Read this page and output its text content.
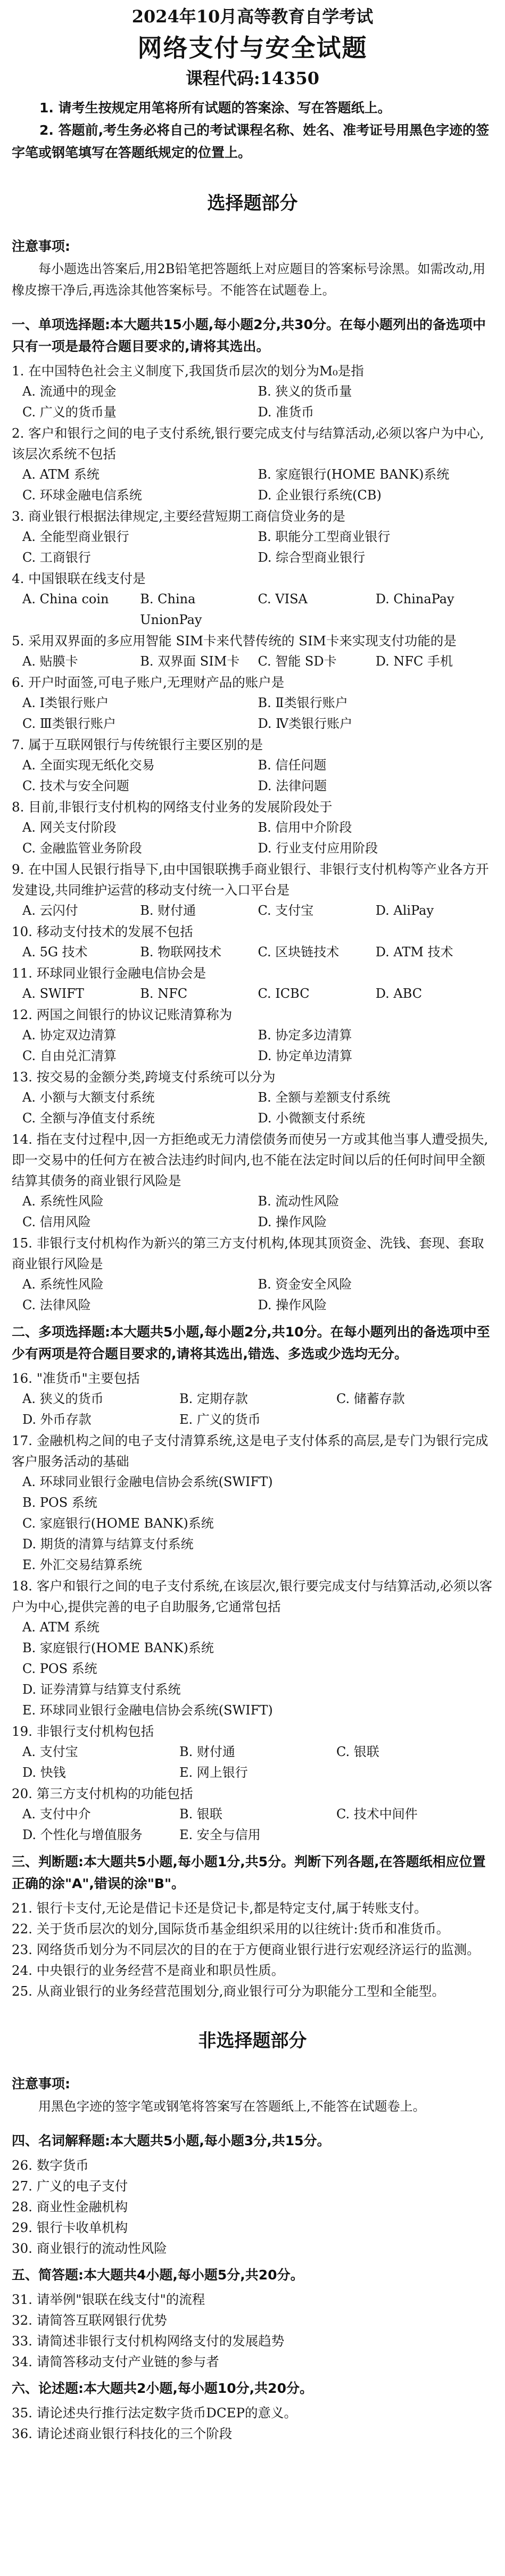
2024年10月高等教育自学考试
网络支付与安全试题
课程代码:14350

1. 请考生按规定用笔将所有试题的答案涂、写在答题纸上。

2. 答题前,考生务必将自己的考试课程名称、姓名、准考证号用黑色字迹的签字笔或钢笔填写在答题纸规定的位置上。

选择题部分
注意事项:
每小题选出答案后,用2B铅笔把答题纸上对应题目的答案标号涂黑。如需改动,用橡皮擦干净后,再选涂其他答案标号。不能答在试题卷上。
一、单项选择题:本大题共15小题,每小题2分,共30分。在每小题列出的备选项中只有一项是最符合题目要求的,请将其选出。
1. 在中国特色社会主义制度下,我国货币层次的划分为M₀是指
A. 流通中的现金	B. 狭义的货币量
C. 广义的货币量	D. 准货币
2. 客户和银行之间的电子支付系统,银行要完成支付与结算活动,必须以客户为中心,该层次系统不包括
A. ATM 系统	B. 家庭银行(HOME BANK)系统
C. 环球金融电信系统	D. 企业银行系统(CB)
3. 商业银行根据法律规定,主要经营短期工商信贷业务的是
A. 全能型商业银行	B. 职能分工型商业银行
C. 工商银行	D. 综合型商业银行
4. 中国银联在线支付是
A. China coin	B. China UnionPay
C. VISA	D. ChinaPay
5. 采用双界面的多应用智能 SIM卡来代替传统的 SIM卡来实现支付功能的是
A. 贴膜卡	B. 双界面 SIM卡	C. 智能 SD卡	D. NFC 手机
6. 开户时面签,可电子账户,无理财产品的账户是
A. Ⅰ类银行账户	B. Ⅱ类银行账户
C. Ⅲ类银行账户	D. Ⅳ类银行账户
7. 属于互联网银行与传统银行主要区别的是
A. 全面实现无纸化交易	B. 信任问题
C. 技术与安全问题	D. 法律问题
8. 目前,非银行支付机构的网络支付业务的发展阶段处于
A. 网关支付阶段	B. 信用中介阶段
C. 金融监管业务阶段	D. 行业支付应用阶段
9. 在中国人民银行指导下,由中国银联携手商业银行、非银行支付机构等产业各方开发建设,共同维护运营的移动支付统一入口平台是
A. 云闪付	B. 财付通	C. 支付宝	D. AliPay
10. 移动支付技术的发展不包括
A. 5G 技术	B. 物联网技术	C. 区块链技术	D. ATM 技术
11. 环球同业银行金融电信协会是
A. SWIFT	B. NFC	C. ICBC	D. ABC
12. 两国之间银行的协议记账清算称为
A. 协定双边清算	B. 协定多边清算
C. 自由兑汇清算	D. 协定单边清算
13. 按交易的金额分类,跨境支付系统可以分为
A. 小额与大额支付系统	B. 全额与差额支付系统
C. 全额与净值支付系统	D. 小微额支付系统
14. 指在支付过程中,因一方拒绝或无力清偿债务而使另一方或其他当事人遭受损失,即一交易中的任何方在被合法违约时间内,也不能在法定时间以后的任何时间甲全额结算其债务的商业银行风险是
A. 系统性风险	B. 流动性风险
C. 信用风险	D. 操作风险
15. 非银行支付机构作为新兴的第三方支付机构,体现其顶资金、洗钱、套现、套取商业银行风险是
A. 系统性风险	B. 资金安全风险
C. 法律风险	D. 操作风险
二、多项选择题:本大题共5小题,每小题2分,共10分。在每小题列出的备选项中至少有两项是符合题目要求的,请将其选出,错选、多选或少选均无分。
16. "准货币"主要包括
A. 狭义的货币	B. 定期存款	C. 储蓄存款
D. 外币存款	E. 广义的货币
17. 金融机构之间的电子支付清算系统,这是电子支付体系的高层,是专门为银行完成客户服务活动的基础
A. 环球同业银行金融电信协会系统(SWIFT)
B. POS 系统
C. 家庭银行(HOME BANK)系统
D. 期货的清算与结算支付系统
E. 外汇交易结算系统
18. 客户和银行之间的电子支付系统,在该层次,银行要完成支付与结算活动,必须以客户为中心,提供完善的电子自助服务,它通常包括
A. ATM 系统
B. 家庭银行(HOME BANK)系统
C. POS 系统
D. 证券清算与结算支付系统
E. 环球同业银行金融电信协会系统(SWIFT)
19. 非银行支付机构包括
A. 支付宝	B. 财付通	C. 银联
D. 快钱	E. 网上银行
20. 第三方支付机构的功能包括
A. 支付中介	B. 银联	C. 技术中间件
D. 个性化与增值服务	E. 安全与信用
三、判断题:本大题共5小题,每小题1分,共5分。判断下列各题,在答题纸相应位置正确的涂"A",错误的涂"B"。
21. 银行卡支付,无论是借记卡还是贷记卡,都是特定支付,属于转账支付。
22. 关于货币层次的划分,国际货币基金组织采用的以往统计:货币和准货币。
23. 网络货币划分为不同层次的目的在于方便商业银行进行宏观经济运行的监测。
24. 中央银行的业务经营不是商业和职员性质。
25. 从商业银行的业务经营范围划分,商业银行可分为职能分工型和全能型。
非选择题部分
注意事项:
用黑色字迹的签字笔或钢笔将答案写在答题纸上,不能答在试题卷上。
四、名词解释题:本大题共5小题,每小题3分,共15分。
26. 数字货币
27. 广义的电子支付
28. 商业性金融机构
29. 银行卡收单机构
30. 商业银行的流动性风险
五、简答题:本大题共4小题,每小题5分,共20分。
31. 请举例"银联在线支付"的流程
32. 请简答互联网银行优势
33. 请简述非银行支付机构网络支付的发展趋势
34. 请简答移动支付产业链的参与者
六、论述题:本大题共2小题,每小题10分,共20分。
35. 请论述央行推行法定数字货币DCEP的意义。
36. 请论述商业银行科技化的三个阶段
